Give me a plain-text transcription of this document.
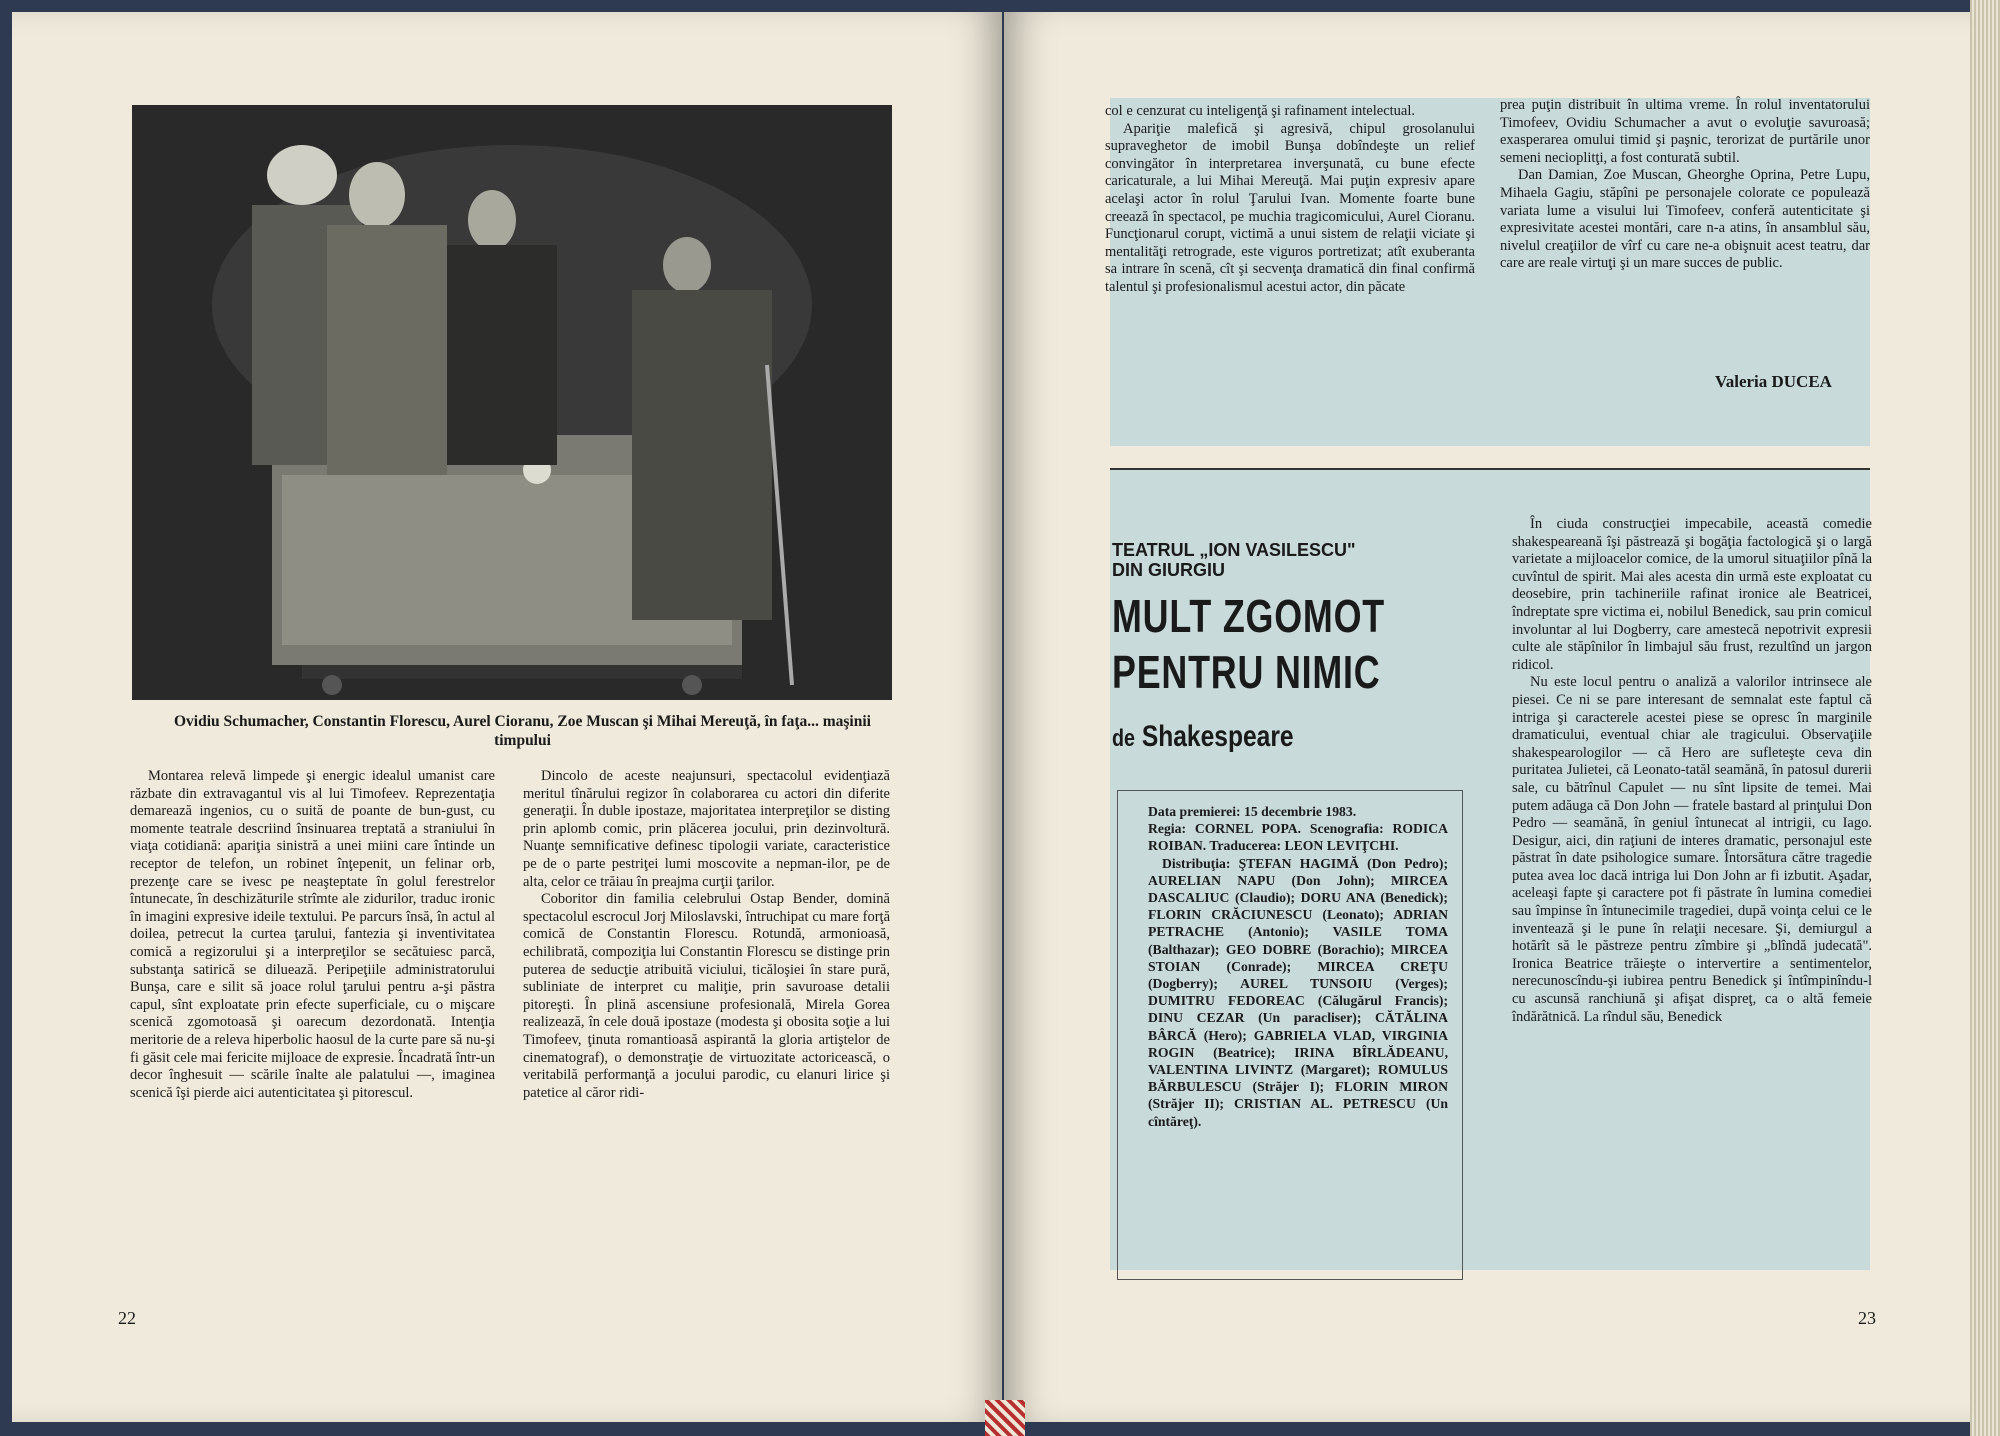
Ovidiu Schumacher, Constantin Florescu, Aurel Cioranu, Zoe Muscan şi Mihai Mereuţă, în faţa... maşinii timpului

Montarea relevă limpede şi energic idealul umanist care răzbate din extravagantul vis al lui Timofeev. Reprezentaţia demarează ingenios, cu o suită de poante de bun-gust, cu momente teatrale descriind însinuarea treptată a straniului în viaţa cotidiană: apariţia sinistră a unei miini care întinde un receptor de telefon, un robinet înţepenit, un felinar orb, prezenţe care se ivesc pe neaşteptate în golul ferestrelor întunecate, în deschizăturile strîmte ale zidurilor, traduc ironic în imagini expresive ideile textului. Pe parcurs însă, în actul al doilea, petrecut la curtea ţarului, fantezia şi inventivitatea comică a regizorului şi a interpreţilor se secătuiesc parcă, substanţa satirică se diluează. Peripeţiile administratorului Bunşa, care e silit să joace rolul ţarului pentru a-şi păstra capul, sînt exploatate prin efecte superficiale, cu o mişcare scenică zgomotoasă şi oarecum dezordonată. Intenţia meritorie de a releva hiperbolic haosul de la curte pare să nu-şi fi găsit cele mai fericite mijloace de expresie. Încadrată într-un decor înghesuit — scările înalte ale palatului —, imaginea scenică îşi pierde aici autenticitatea şi pitorescul.

Dincolo de aceste neajunsuri, spectacolul evidenţiază meritul tînărului regizor în colaborarea cu actori din diferite generaţii. În duble ipostaze, majoritatea interpreţilor se disting prin aplomb comic, prin plăcerea jocului, prin dezinvoltură. Nuanţe semnificative definesc tipologii variate, caracteristice pe de o parte pestriţei lumi moscovite a nepman-ilor, pe de alta, celor ce trăiau în preajma curţii ţarilor.

Coboritor din familia celebrului Ostap Bender, domină spectacolul escrocul Jorj Miloslavski, întruchipat cu mare forţă comică de Constantin Florescu. Rotundă, armonioasă, echilibrată, compoziţia lui Constantin Florescu se distinge prin puterea de seducţie atribuită viciului, ticăloşiei în stare pură, subliniate de interpret cu maliţie, prin savuroase detalii pitoreşti. În plină ascensiune profesională, Mirela Gorea realizează, în cele două ipostaze (modesta şi obosita soţie a lui Timofeev, ţinuta romantioasă aspirantă la gloria artiştelor de cinematograf), o demonstraţie de virtuozitate actoricească, o veritabilă performanţă a jocului parodic, cu elanuri lirice şi patetice al căror ridi-

22

col e cenzurat cu inteligenţă şi rafinament intelectual.

Apariţie malefică şi agresivă, chipul grosolanului supraveghetor de imobil Bunşa dobîndeşte un relief convingător în interpretarea inverşunată, cu bune efecte caricaturale, a lui Mihai Mereuţă. Mai puţin expresiv apare acelaşi actor în rolul Ţarului Ivan. Momente foarte bune creează în spectacol, pe muchia tragicomicului, Aurel Cioranu. Funcţionarul corupt, victimă a unui sistem de relaţii viciate şi mentalităţi retrograde, este viguros portretizat; atît exuberanta sa intrare în scenă, cît şi secvenţa dramatică din final confirmă talentul şi profesionalismul acestui actor, din păcate

prea puţin distribuit în ultima vreme. În rolul inventatorului Timofeev, Ovidiu Schumacher a avut o evoluţie savuroasă; exasperarea omului timid şi paşnic, terorizat de purtările unor semeni necioplitţi, a fost conturată subtil.

Dan Damian, Zoe Muscan, Gheorghe Oprina, Petre Lupu, Mihaela Gagiu, stăpîni pe personajele colorate ce populează variata lume a visului lui Timofeev, conferă autenticitate şi expresivitate acestei montări, care n-a atins, în ansamblul său, nivelul creaţiilor de vîrf cu care ne-a obişnuit acest teatru, dar care are reale virtuţi şi un mare succes de public.

Valeria DUCEA
TEATRUL „ION VASILESCU"
DIN GIURGIU
MULT ZGOMOT
PENTRU NIMIC
de Shakespeare

Data premierei: 15 decembrie 1983.

Regia: CORNEL POPA. Scenografia: RODICA ROIBAN. Traducerea: LEON LEVIŢCHI.

Distribuţia: ŞTEFAN HAGIMĂ (Don Pedro); AURELIAN NAPU (Don John); MIRCEA DASCALIUC (Claudio); DORU ANA (Benedick); FLORIN CRĂCIUNESCU (Leonato); ADRIAN PETRACHE (Antonio); VASILE TOMA (Balthazar); GEO DOBRE (Borachio); MIRCEA STOIAN (Conrade); MIRCEA CREŢU (Dogberry); AUREL TUNSOIU (Verges); DUMITRU FEDOREAC (Călugărul Francis); DINU CEZAR (Un paracliser); CĂTĂLINA BÂRCĂ (Hero); GABRIELA VLAD, VIRGINIA ROGIN (Beatrice); IRINA BÎRLĂDEANU, VALENTINA LIVINTZ (Margaret); ROMULUS BĂRBULESCU (Străjer I); FLORIN MIRON (Străjer II); CRISTIAN AL. PETRESCU (Un cîntăreţ).

În ciuda construcţiei impecabile, această comedie shakespeareană îşi păstrează şi bogăţia factologică şi o largă varietate a mijloacelor comice, de la umorul situaţiilor pînă la cuvîntul de spirit. Mai ales acesta din urmă este exploatat cu deosebire, prin tachineriile rafinat ironice ale Beatricei, îndreptate spre victima ei, nobilul Benedick, sau prin comicul involuntar al lui Dogberry, care amestecă nepotrivit expresii culte ale stăpînilor în limbajul său frust, rezultînd un jargon ridicol.

Nu este locul pentru o analiză a valorilor intrinsece ale piesei. Ce ni se pare interesant de semnalat este faptul că intriga şi caracterele acestei piese se opresc în marginile dramaticului, eventual chiar ale tragicului. Observaţiile shakespearologilor — că Hero are sufleteşte ceva din puritatea Julietei, că Leonato-tatăl seamănă, în patosul durerii sale, cu bătrînul Capulet — nu sînt lipsite de temei. Mai putem adăuga că Don John — fratele bastard al prinţului Don Pedro — seamănă, în geniul întunecat al intrigii, cu Iago. Desigur, aici, din raţiuni de interes dramatic, personajul este păstrat în date psihologice sumare. Întorsătura către tragedie putea avea loc dacă intriga lui Don John ar fi izbutit. Aşadar, aceleaşi fapte şi caractere pot fi păstrate în lumina comediei sau împinse în întunecimile tragediei, după voinţa celui ce le inventează şi le pune în relaţii necesare. Şi, demiurgul a hotărît să le păstreze pentru zîmbire şi „blîndă judecată". Ironica Beatrice trăieşte o intervertire a sentimentelor, nerecunoscîndu-şi iubirea pentru Benedick şi întîmpinîndu-l cu ascunsă ranchiună şi afişat dispreţ, ca o altă femeie îndărătnică. La rîndul său, Benedick

23
